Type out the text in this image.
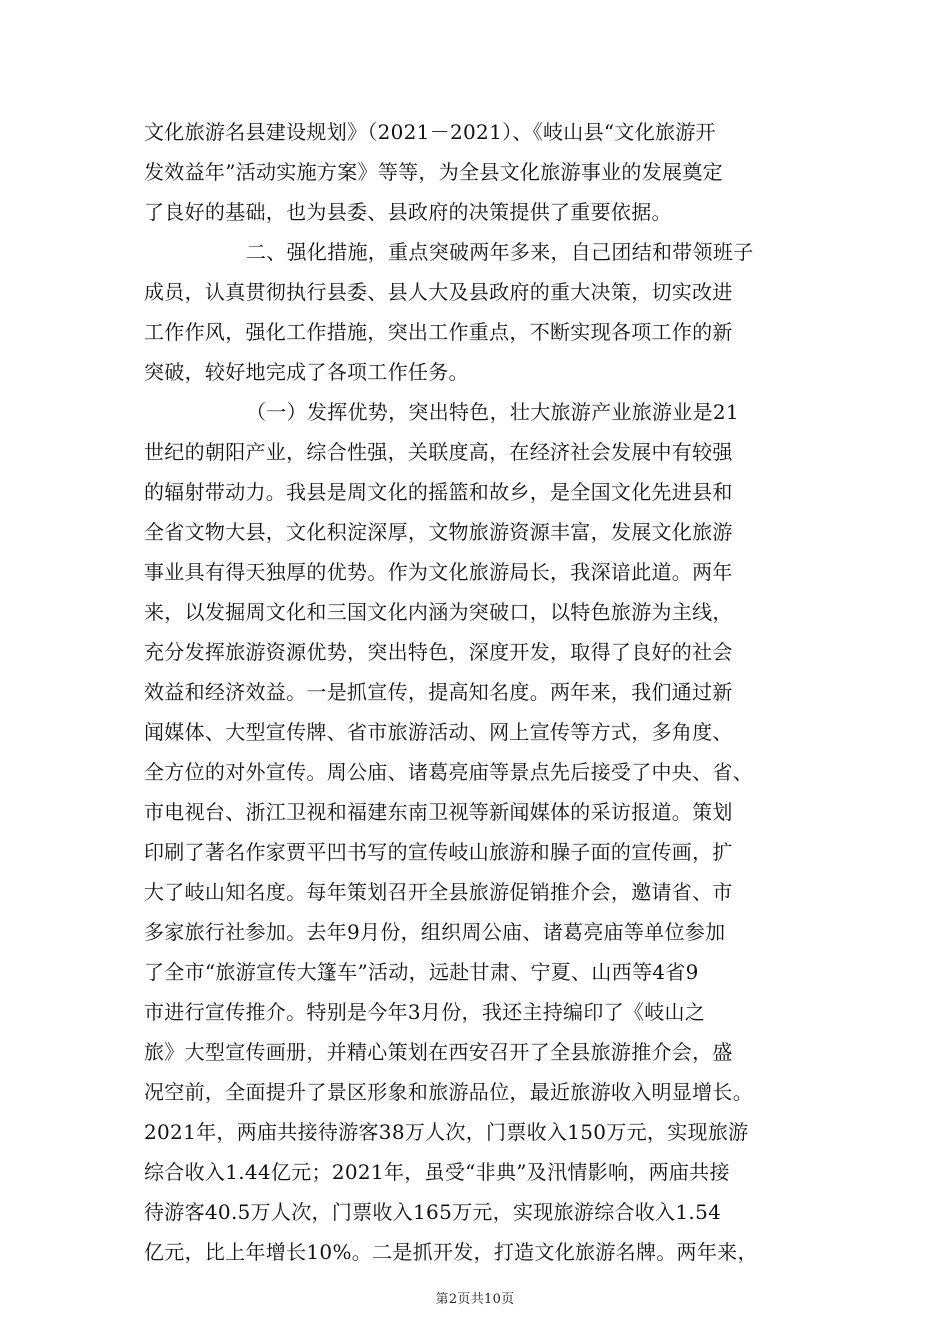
文化旅游名县建设规划》（2021－2021）、《岐山县“文化旅游开
发效益年”活动实施方案》等等，为全县文化旅游事业的发展奠定
了良好的基础，也为县委、县政府的决策提供了重要依据。
二、强化措施，重点突破两年多来，自己团结和带领班子
成员，认真贯彻执行县委、县人大及县政府的重大决策，切实改进
工作作风，强化工作措施，突出工作重点，不断实现各项工作的新
突破，较好地完成了各项工作任务。
（一）发挥优势，突出特色，壮大旅游产业旅游业是21
世纪的朝阳产业，综合性强，关联度高，在经济社会发展中有较强
的辐射带动力。我县是周文化的摇篮和故乡，是全国文化先进县和
全省文物大县，文化积淀深厚，文物旅游资源丰富，发展文化旅游
事业具有得天独厚的优势。作为文化旅游局长，我深谙此道。两年
来，以发掘周文化和三国文化内涵为突破口，以特色旅游为主线，
充分发挥旅游资源优势，突出特色，深度开发，取得了良好的社会
效益和经济效益。一是抓宣传，提高知名度。两年来，我们通过新
闻媒体、大型宣传牌、省市旅游活动、网上宣传等方式，多角度、
全方位的对外宣传。周公庙、诸葛亮庙等景点先后接受了中央、省、
市电视台、浙江卫视和福建东南卫视等新闻媒体的采访报道。策划
印刷了著名作家贾平凹书写的宣传岐山旅游和臊子面的宣传画，扩
大了岐山知名度。每年策划召开全县旅游促销推介会，邀请省、市
多家旅行社参加。去年9月份，组织周公庙、诸葛亮庙等单位参加
了全市“旅游宣传大篷车”活动，远赴甘肃、宁夏、山西等4省9
市进行宣传推介。特别是今年3月份，我还主持编印了《岐山之
旅》大型宣传画册，并精心策划在西安召开了全县旅游推介会，盛
况空前，全面提升了景区形象和旅游品位，最近旅游收入明显增长。
2021年，两庙共接待游客38万人次，门票收入150万元，实现旅游
综合收入1.44亿元；2021年，虽受“非典”及汛情影响，两庙共接
待游客40.5万人次，门票收入165万元，实现旅游综合收入1.54
亿元，比上年增长10%。二是抓开发，打造文化旅游名牌。两年来，
第2页共10页
